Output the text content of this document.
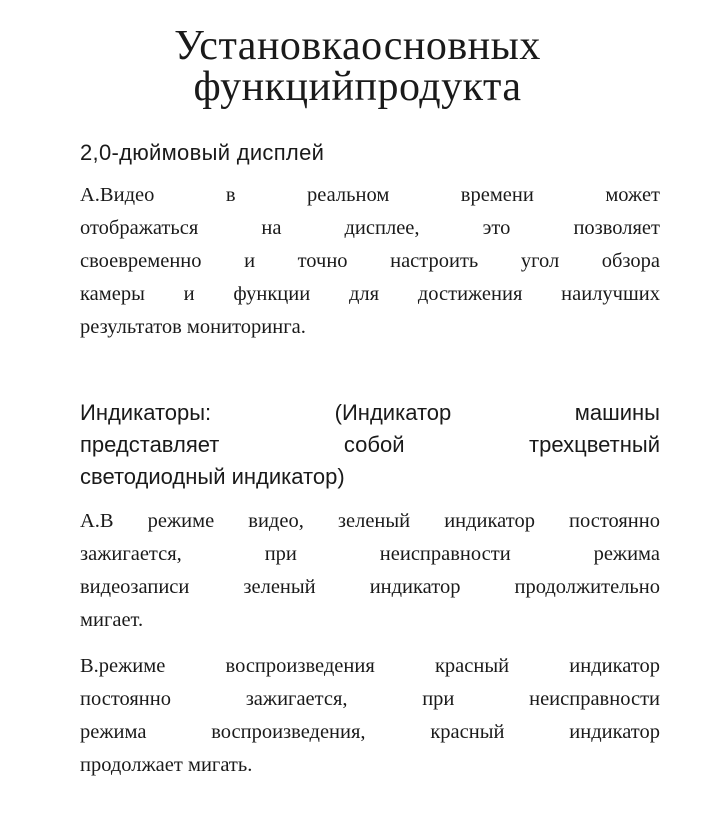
Установкаосновных
функцийпродукта
2,0-дюймовый дисплей
A.Видео в реальном времени может
отображаться на дисплее, это позволяет
своевременно и точно настроить угол обзора
камеры и функции для достижения наилучших
результатов мониторинга.
Индикаторы: (Индикатор машины
представляет собой трехцветный
светодиодный индикатор)
A.В режиме видео, зеленый индикатор постоянно
зажигается, при неисправности режима
видеозаписи зеленый индикатор продолжительно
мигает.
B.режиме воспроизведения красный индикатор
постоянно зажигается, при неисправности
режима воспроизведения, красный индикатор
продолжает мигать.
